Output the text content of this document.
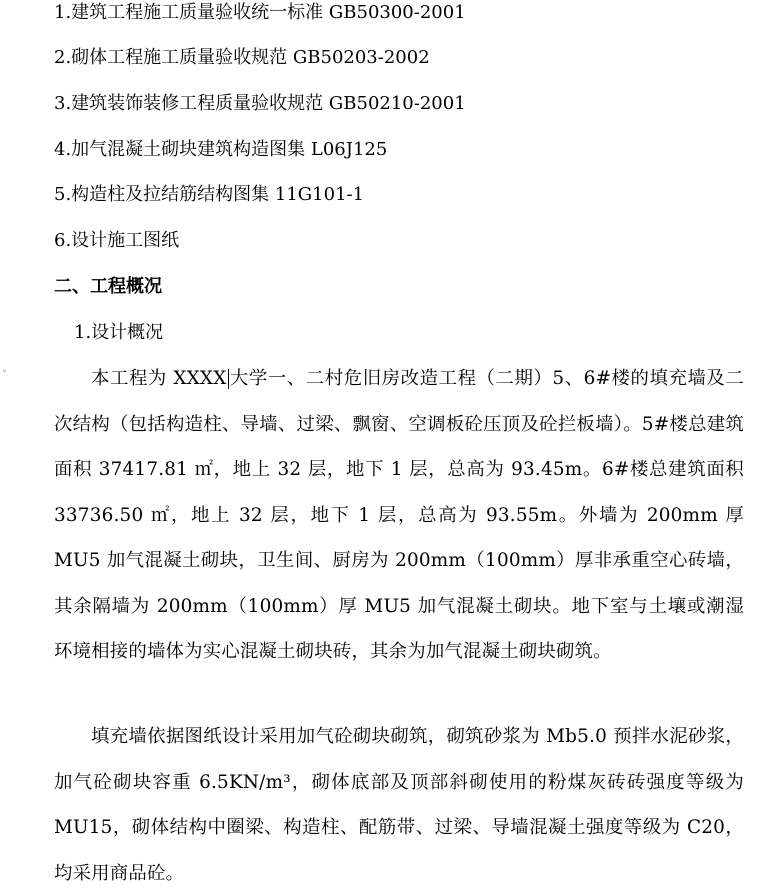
1.建筑工程施工质量验收统一标准 GB50300-2001
2.砌体工程施工质量验收规范 GB50203-2002
3.建筑装饰装修工程质量验收规范 GB50210-2001
4.加气混凝土砌块建筑构造图集 L06J125
5.构造柱及拉结筋结构图集 11G101-1
6.设计施工图纸
二、工程概况
1.设计概况
˅	本工程为 XXXX 大学一、二村危旧房改造工程（二期）5、6#楼的填充墙及二次结构（包括构造柱、导墙、过梁、飘窗、空调板砼压顶及砼拦板墙）。5#楼总建筑面积 37417.81 ㎡，地上 32 层，地下 1 层，总高为 93.45m。6#楼总建筑面积 33736.50 ㎡，地上 32 层，地下 1 层，总高为 93.55m。外墙为 200mm 厚 MU5 加气混凝土砌块，卫生间、厨房为 200mm（100mm）厚非承重空心砖墙，其余隔墙为 200mm（100mm）厚 MU5 加气混凝土砌块。地下室与土壤或潮湿环境相接的墙体为实心混凝土砌块砖，其余为加气混凝土砌块砌筑。
填充墙依据图纸设计采用加气砼砌块砌筑，砌筑砂浆为 Mb5.0 预拌水泥砂浆，加气砼砌块容重 6.5KN/m³，砌体底部及顶部斜砌使用的粉煤灰砖砖强度等级为 MU15，砌体结构中圈梁、构造柱、配筋带、过梁、导墙混凝土强度等级为 C20，均采用商品砼。
